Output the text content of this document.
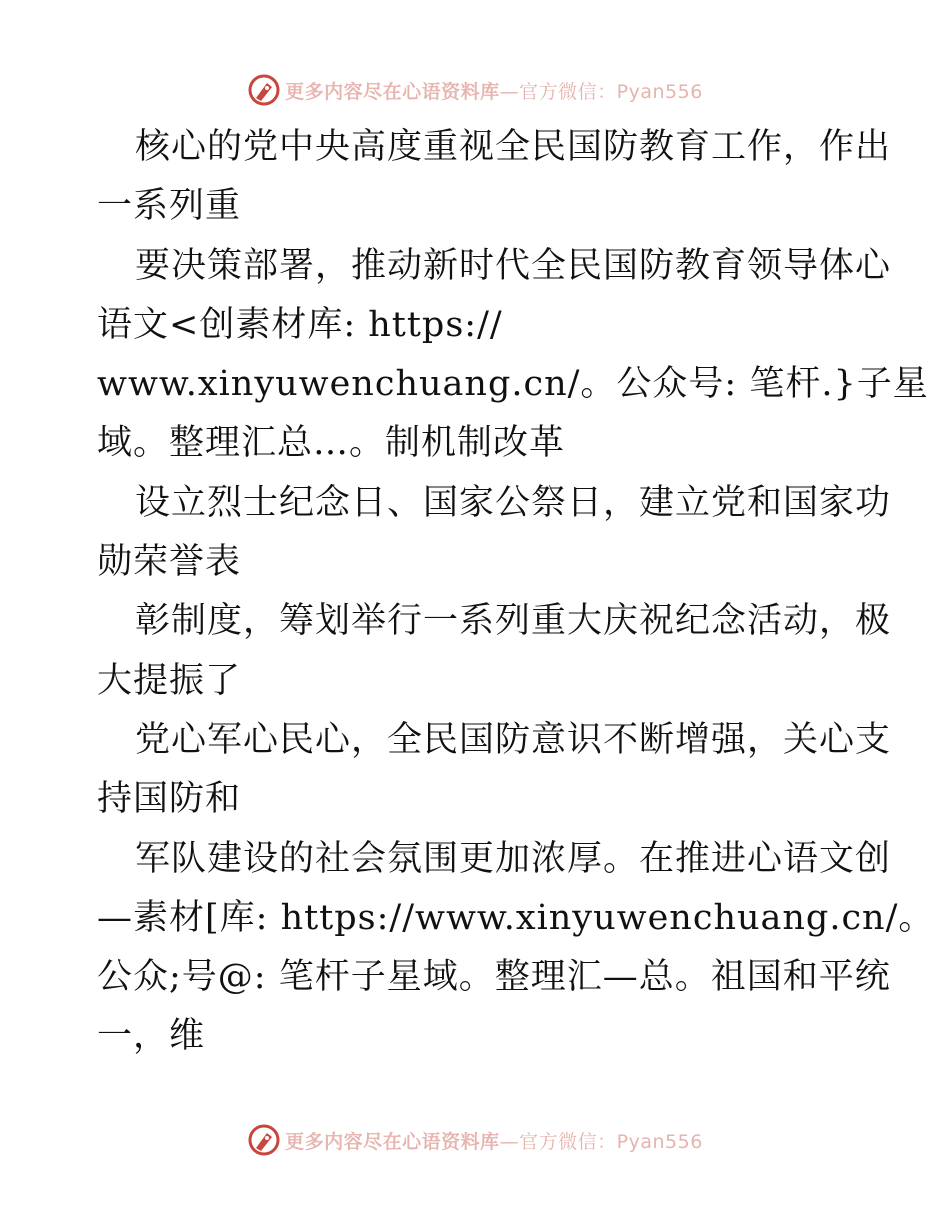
更多内容尽在心语资料库—官方微信：Pyan556
核心的党中央高度重视全民国防教育工作，作出
一系列重
要决策部署，推动新时代全民国防教育领导体心
语文<创素材库: https://
www.xinyuwenchuang.cn/。公众号: 笔杆.}子星
域。整理汇总…。制机制改革
设立烈士纪念日、国家公祭日，建立党和国家功
勋荣誉表
彰制度，筹划举行一系列重大庆祝纪念活动，极
大提振了
党心军心民心，全民国防意识不断增强，关心支
持国防和
军队建设的社会氛围更加浓厚。在推进心语文创
—素材[库: https://www.xinyuwenchuang.cn/。
公众;号@: 笔杆子星域。整理汇—总。祖国和平统
一，维
更多内容尽在心语资料库—官方微信：Pyan556
